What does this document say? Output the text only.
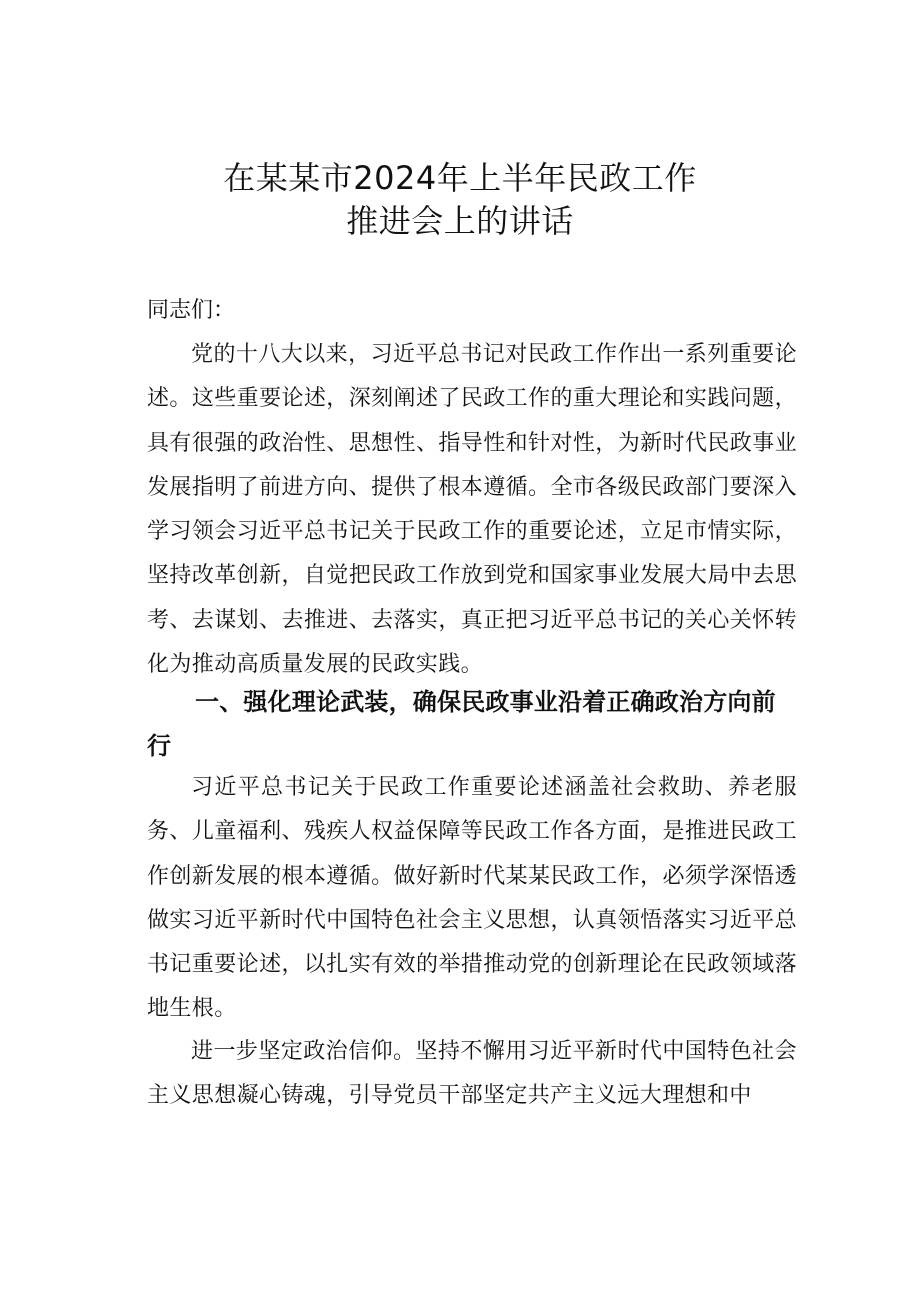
在某某市2024年上半年民政工作
推进会上的讲话

同志们：

党的十八大以来，习近平总书记对民政工作作出一系列重要论述。这些重要论述，深刻阐述了民政工作的重大理论和实践问题，具有很强的政治性、思想性、指导性和针对性，为新时代民政事业发展指明了前进方向、提供了根本遵循。全市各级民政部门要深入学习领会习近平总书记关于民政工作的重要论述，立足市情实际，坚持改革创新，自觉把民政工作放到党和国家事业发展大局中去思考、去谋划、去推进、去落实，真正把习近平总书记的关心关怀转化为推动高质量发展的民政实践。

一、强化理论武装，确保民政事业沿着正确政治方向前行

习近平总书记关于民政工作重要论述涵盖社会救助、养老服务、儿童福利、残疾人权益保障等民政工作各方面，是推进民政工作创新发展的根本遵循。做好新时代某某民政工作，必须学深悟透做实习近平新时代中国特色社会主义思想，认真领悟落实习近平总书记重要论述，以扎实有效的举措推动党的创新理论在民政领域落地生根。

进一步坚定政治信仰。坚持不懈用习近平新时代中国特色社会主义思想凝心铸魂，引导党员干部坚定共产主义远大理想和中
